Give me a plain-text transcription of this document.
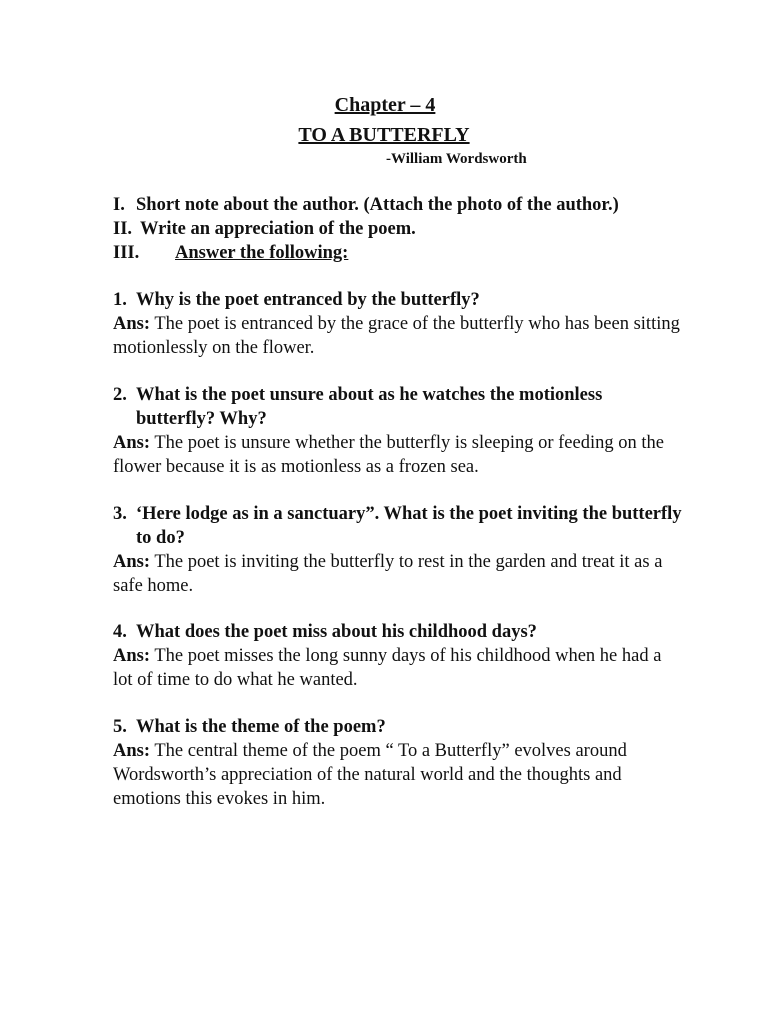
Chapter – 4
TO A BUTTERFLY
-William Wordsworth
I. Short note about the author. (Attach the photo of the author.)
II. Write an appreciation of the poem.
III.	Answer the following:
1. Why is the poet entranced by the butterfly?
Ans: The poet is entranced by the grace of the butterfly who has been sitting motionlessly on the flower.
2. What is the poet unsure about as he watches the motionless butterfly? Why?
Ans: The poet is unsure whether the butterfly is sleeping or feeding on the flower because it is as motionless as a frozen sea.
3. ‘Here lodge as in a sanctuary”. What is the poet inviting the butterfly to do?
Ans: The poet is inviting the butterfly to rest in the garden and treat it as a safe home.
4. What does the poet miss about his childhood days?
Ans: The poet misses the long sunny days of his childhood when he had a lot of time to do what he wanted.
5. What is the theme of the poem?
Ans: The central theme of the poem “ To a Butterfly” evolves around Wordsworth’s appreciation of the natural world and the thoughts and emotions this evokes in him.
